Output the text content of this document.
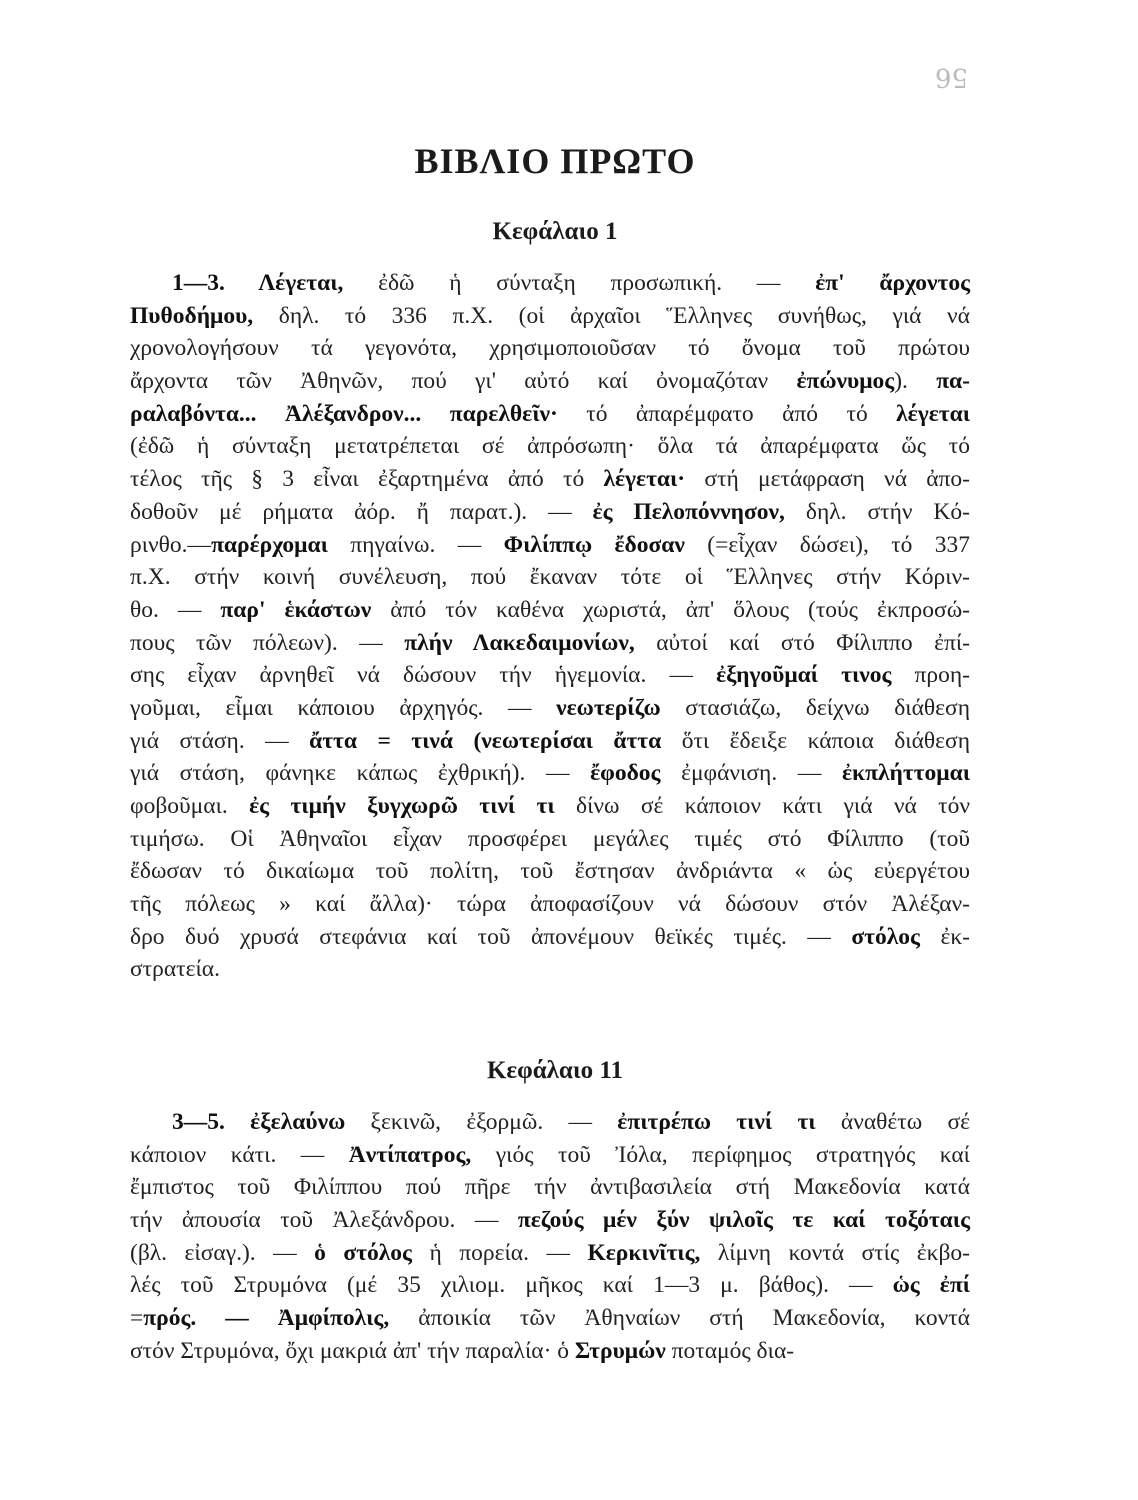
56
ΒΙΒΛΙΟ ΠΡΩΤΟ
Κεφάλαιο 1
1—3. Λέγεται, ἐδῶ ἡ σύνταξη προσωπική. — ἐπ' ἄρχοντος
Πυθοδήμου, δηλ. τό 336 π.Χ. (οἱ ἀρχαῖοι Ἕλληνες συνήθως, γιά νά
χρονολογήσουν τά γεγονότα, χρησιμοποιοῦσαν τό ὄνομα τοῦ πρώτου
ἄρχοντα τῶν Ἀθηνῶν, πού γι' αὐτό καί ὀνομαζόταν ἐπώνυμος). πα-
ραλαβόντα... Ἀλέξανδρον... παρελθεῖν· τό ἀπαρέμφατο ἀπό τό λέγεται
(ἐδῶ ἡ σύνταξη μετατρέπεται σέ ἀπρόσωπη· ὅλα τά ἀπαρέμφατα ὥς τό
τέλος τῆς § 3 εἶναι ἐξαρτημένα ἀπό τό λέγεται· στή μετάφραση νά ἀπο-
δοθοῦν μέ ρήματα ἀόρ. ἤ παρατ.). — ἐς Πελοπόννησον, δηλ. στήν Κό-
ρινθο.—παρέρχομαι πηγαίνω. — Φιλίππῳ ἔδοσαν (=εἶχαν δώσει), τό 337
π.Χ. στήν κοινή συνέλευση, πού ἔκαναν τότε οἱ Ἕλληνες στήν Κόριν-
θο. — παρ' ἑκάστων ἀπό τόν καθένα χωριστά, ἀπ' ὅλους (τούς ἐκπροσώ-
πους τῶν πόλεων). — πλήν Λακεδαιμονίων, αὐτοί καί στό Φίλιππο ἐπί-
σης εἶχαν ἀρνηθεῖ νά δώσουν τήν ἡγεμονία. — ἐξηγοῦμαί τινος προη-
γοῦμαι, εἶμαι κάποιου ἀρχηγός. — νεωτερίζω στασιάζω, δείχνω διάθεση
γιά στάση. — ἄττα = τινά (νεωτερίσαι ἄττα ὅτι ἔδειξε κάποια διάθεση
γιά στάση, φάνηκε κάπως ἐχθρική). — ἔφοδος ἐμφάνιση. — ἐκπλήττομαι
φοβοῦμαι. ἐς τιμήν ξυγχωρῶ τινί τι δίνω σέ κάποιον κάτι γιά νά τόν
τιμήσω. Οἱ Ἀθηναῖοι εἶχαν προσφέρει μεγάλες τιμές στό Φίλιππο (τοῦ
ἔδωσαν τό δικαίωμα τοῦ πολίτη, τοῦ ἔστησαν ἀνδριάντα « ὡς εὐεργέτου
τῆς πόλεως » καί ἄλλα)· τώρα ἀποφασίζουν νά δώσουν στόν Ἀλέξαν-
δρο δυό χρυσά στεφάνια καί τοῦ ἀπονέμουν θεϊκές τιμές. — στόλος ἐκ-
στρατεία.
Κεφάλαιο 11
3—5. ἐξελαύνω ξεκινῶ, ἐξορμῶ. — ἐπιτρέπω τινί τι ἀναθέτω σέ
κάποιον κάτι. — Ἀντίπατρος, γιός τοῦ Ἰόλα, περίφημος στρατηγός καί
ἔμπιστος τοῦ Φιλίππου πού πῆρε τήν ἀντιβασιλεία στή Μακεδονία κατά
τήν ἀπουσία τοῦ Ἀλεξάνδρου. — πεζούς μέν ξύν ψιλοῖς τε καί τοξόταις
(βλ. εἰσαγ.). — ὁ στόλος ἡ πορεία. — Κερκινῖτις, λίμνη κοντά στίς ἐκβο-
λές τοῦ Στρυμόνα (μέ 35 χιλιομ. μῆκος καί 1—3 μ. βάθος). — ὡς ἐπί
=πρός. — Ἀμφίπολις, ἀποικία τῶν Ἀθηναίων στή Μακεδονία, κοντά
στόν Στρυμόνα, ὄχι μακριά ἀπ' τήν παραλία· ὁ Στρυμών ποταμός δια-
